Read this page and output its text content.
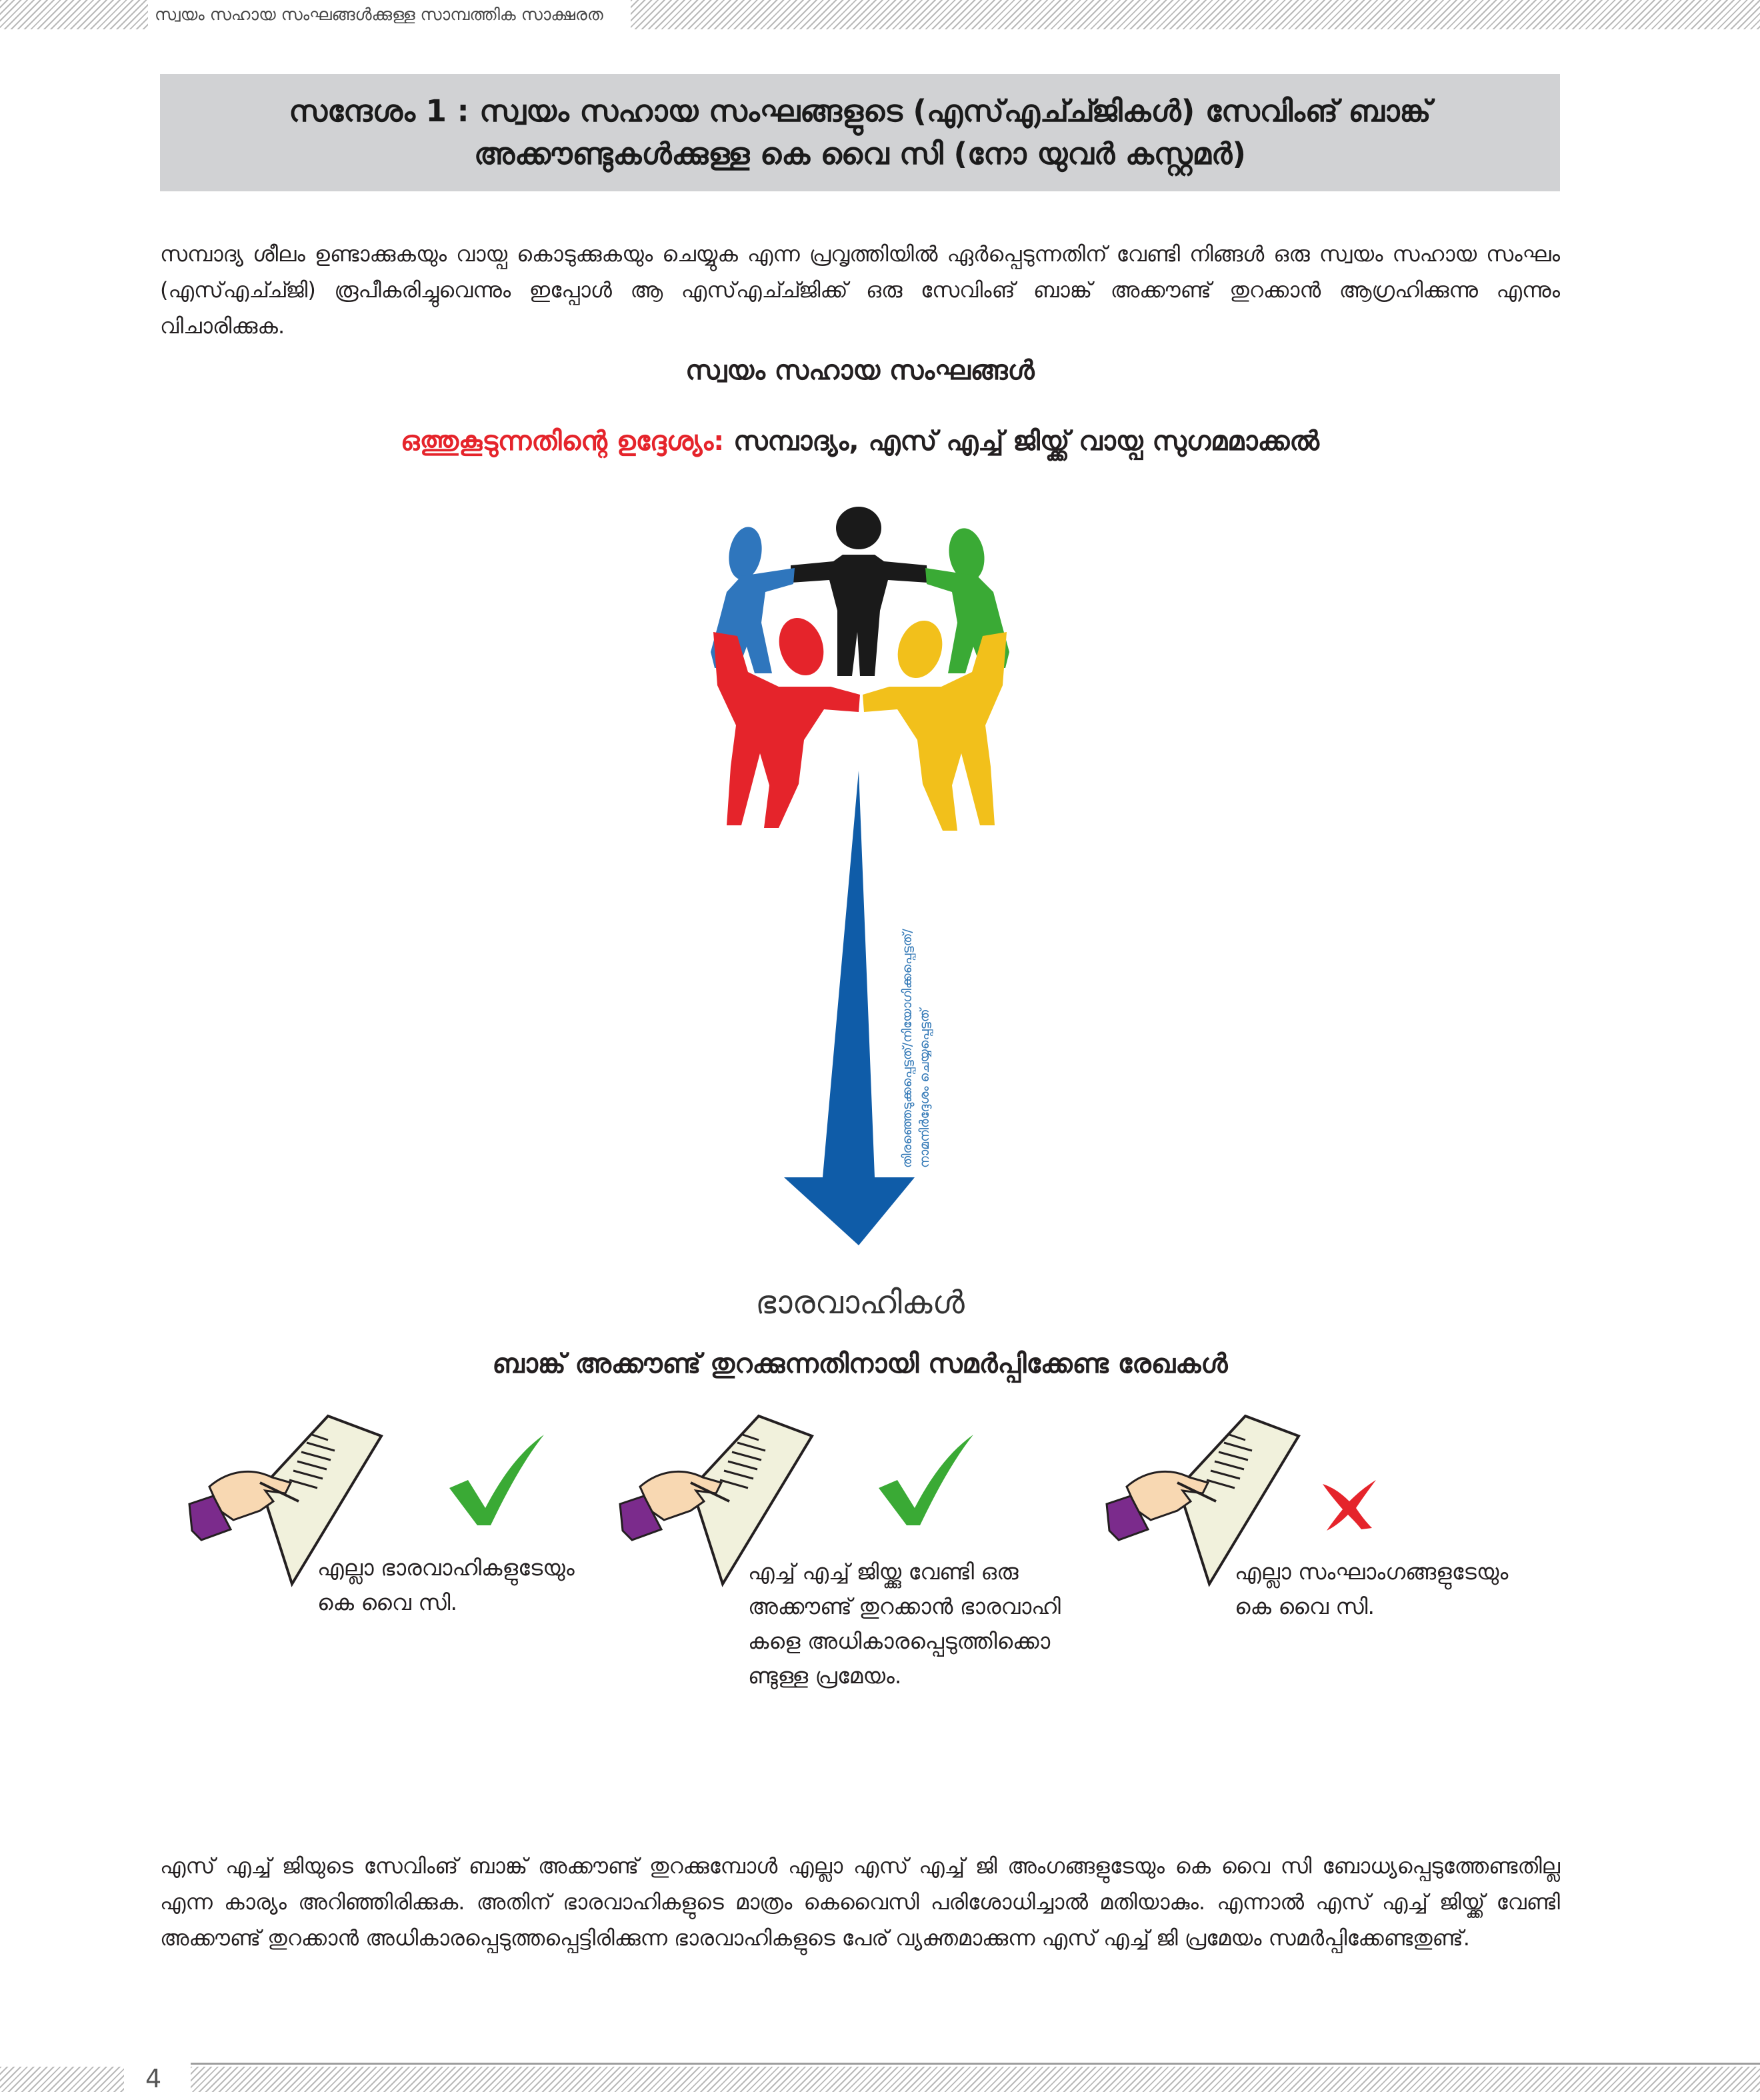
സ്വയം സഹായ സംഘങ്ങൾക്കുള്ള സാമ്പത്തിക സാക്ഷരത
സന്ദേശം 1 : സ്വയം സഹായ സംഘങ്ങളുടെ (എസ്എച്ച്ജികൾ) സേവിംങ് ബാങ്ക്
അക്കൗണ്ടുകൾക്കുള്ള കെ വൈ സി (നോ യുവർ കസ്റ്റമർ)
സമ്പാദ്യ ശീലം ഉണ്ടാക്കുകയും വായ്പ കൊടുക്കുകയും ചെയ്യുക എന്ന പ്രവൃത്തിയിൽ ഏർപ്പെടുന്നതിന് വേണ്ടി നിങ്ങൾ ഒരു സ്വയം സഹായ സംഘം (എസ്എച്ച്ജി) രൂപീകരിച്ചുവെന്നും ഇപ്പോൾ ആ എസ്എച്ച്ജിക്ക് ഒരു സേവിംങ് ബാങ്ക് അക്കൗണ്ട് തുറക്കാൻ ആഗ്രഹിക്കുന്നു എന്നും വിചാരിക്കുക.
സ്വയം സഹായ സംഘങ്ങൾ
ഒത്തുകൂടുന്നതിന്റെ ഉദ്ദേശ്യം: സമ്പാദ്യം, എസ് എച്ച് ജിയ്ക്ക് വായ്പ സുഗമമാക്കൽ
തിരഞ്ഞെടുക്കപ്പെട്ടത്/നിയോഗിക്കപ്പെട്ടത്/ നാമനിർദ്ദേശം ചെയ്യപ്പെട്ടത്
ഭാരവാഹികൾ
ബാങ്ക് അക്കൗണ്ട് തുറക്കുന്നതിനായി സമർപ്പിക്കേണ്ട രേഖകൾ
എല്ലാ ഭാരവാഹികളുടേയും
കെ വൈ സി.
എച്ച് എച്ച് ജിയ്ക്കു വേണ്ടി ഒരു
അക്കൗണ്ട് തുറക്കാൻ ഭാരവാഹി
കളെ അധികാരപ്പെടുത്തിക്കൊ
ണ്ടുള്ള പ്രമേയം.
എല്ലാ സംഘാംഗങ്ങളുടേയും
കെ വൈ സി.
എസ് എച്ച് ജിയുടെ സേവിംങ് ബാങ്ക് അക്കൗണ്ട് തുറക്കുമ്പോൾ എല്ലാ എസ് എച്ച് ജി അംഗങ്ങളുടേയും കെ വൈ സി ബോധ്യപ്പെടുത്തേണ്ടതില്ല എന്ന കാര്യം അറിഞ്ഞിരിക്കുക. അതിന് ഭാരവാഹികളുടെ മാത്രം കെവൈസി പരിശോധിച്ചാൽ മതിയാകും. എന്നാൽ എസ് എച്ച് ജിയ്ക്ക് വേണ്ടി അക്കൗണ്ട് തുറക്കാൻ അധികാരപ്പെടുത്തപ്പെട്ടിരിക്കുന്ന ഭാരവാഹികളുടെ പേര് വ്യക്തമാക്കുന്ന എസ് എച്ച് ജി പ്രമേയം സമർപ്പിക്കേണ്ടതുണ്ട്.
4
